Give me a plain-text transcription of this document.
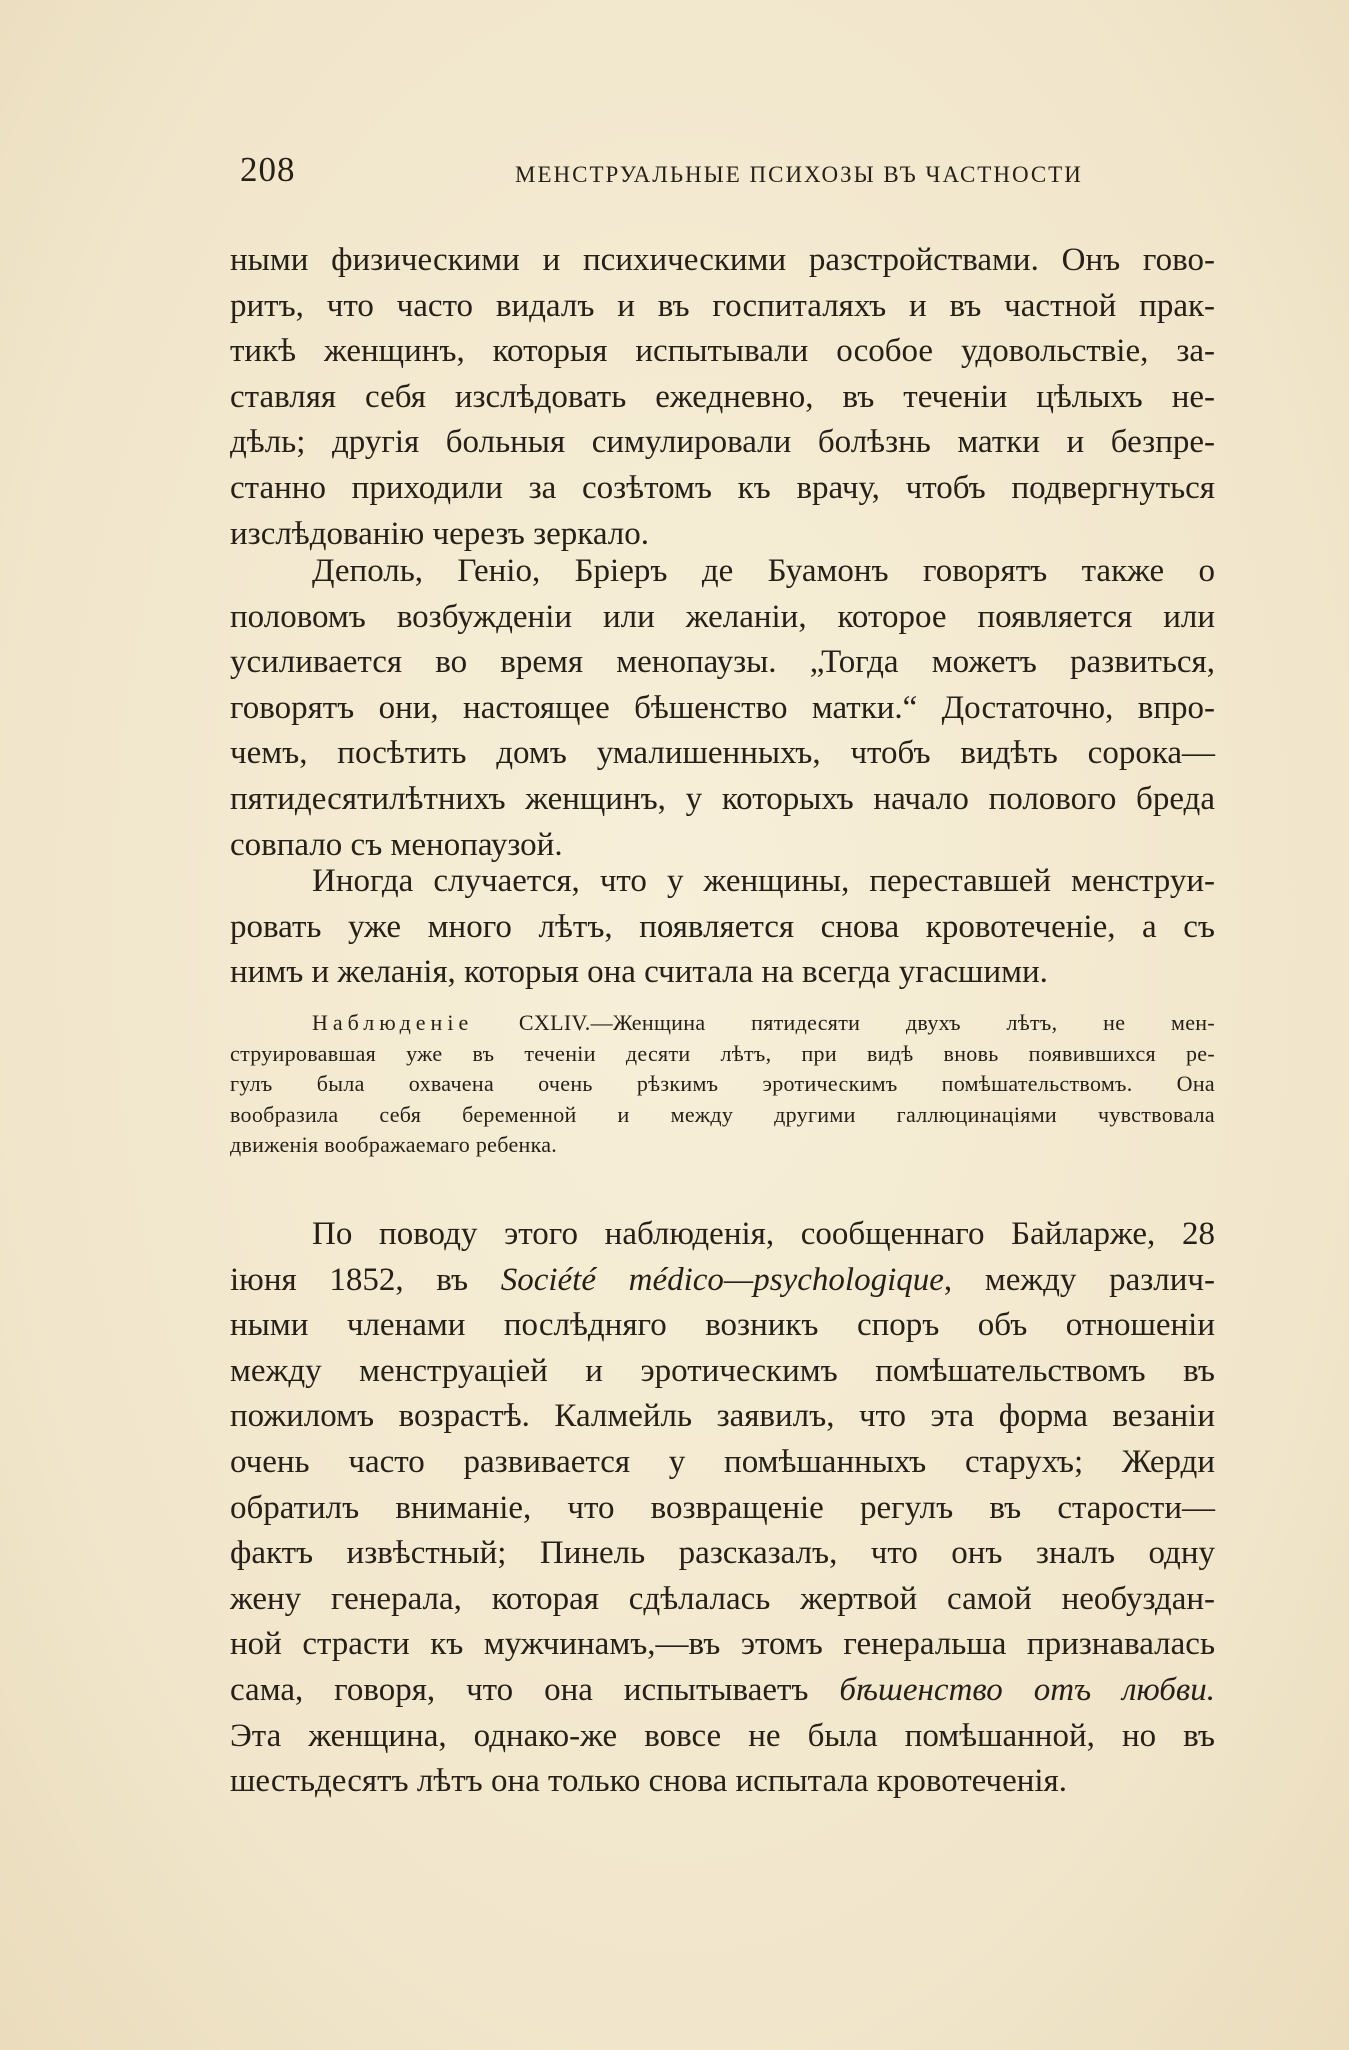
208	МЕНСТРУАЛЬНЫЕ ПСИХОЗЫ ВЪ ЧАСТНОСТИ
ными физическими и психическими разстройствами. Онъ гово-
ритъ, что часто видалъ и въ госпиталяхъ и въ частной прак-
тикѣ женщинъ, которыя испытывали особое удовольствіе, за-
ставляя себя изслѣдовать ежедневно, въ теченіи цѣлыхъ не-
дѣль; другія больныя симулировали болѣзнь матки и безпре-
станно приходили за созѣтомъ къ врачу, чтобъ подвергнуться
изслѣдованію черезъ зеркало.
Деполь, Геніо, Бріеръ де Буамонъ говорятъ также о
половомъ возбужденіи или желаніи, которое появляется или
усиливается во время менопаузы. „Тогда можетъ развиться,
говорятъ они, настоящее бѣшенство матки.“ Достаточно, впро-
чемъ, посѣтить домъ умалишенныхъ, чтобъ видѣть сорока—
пятидесятилѣтнихъ женщинъ, у которыхъ начало полового бреда
совпало съ менопаузой.
Иногда случается, что у женщины, переставшей менструи-
ровать уже много лѣтъ, появляется снова кровотеченіе, а съ
нимъ и желанія, которыя она считала на всегда угасшими.
Наблюденіе CXLIV.—Женщина пятидесяти двухъ лѣтъ, не мен-
струировавшая уже въ теченіи десяти лѣтъ, при видѣ вновь появившихся ре-
гулъ была охвачена очень рѣзкимъ эротическимъ помѣшательствомъ. Она
вообразила себя беременной и между другими галлюцинаціями чувствовала
движенія воображаемаго ребенка.
По поводу этого наблюденія, сообщеннаго Байларже, 28
іюня 1852, въ Société médico—psychologique, между различ-
ными членами послѣдняго возникъ споръ объ отношеніи
между менструаціей и эротическимъ помѣшательствомъ въ
пожиломъ возрастѣ. Калмейль заявилъ, что эта форма везаніи
очень часто развивается у помѣшанныхъ старухъ; Жерди
обратилъ вниманіе, что возвращеніе регулъ въ старости—
фактъ извѣстный; Пинель разсказалъ, что онъ зналъ одну
жену генерала, которая сдѣлалась жертвой самой необуздан-
ной страсти къ мужчинамъ,—въ этомъ генеральша признавалась
сама, говоря, что она испытываетъ бѣшенство отъ любви.
Эта женщина, однако-же вовсе не была помѣшанной, но въ
шестьдесятъ лѣтъ она только снова испытала кровотеченія.
